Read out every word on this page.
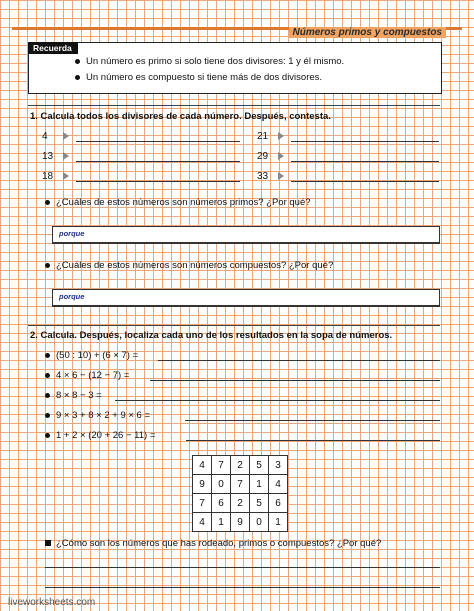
Números primos y compuestos
Recuerda
Un número es primo si solo tiene dos divisores: 1 y él mismo.
Un número es compuesto si tiene más de dos divisores.
1. Calcula todos los divisores de cada número. Después, contesta.
4
13
18
21
29
33
¿Cuáles de estos números son números primos? ¿Por qué?
porque
¿Cuáles de estos números son números compuestos? ¿Por qué?
porque
2. Calcula. Después, localiza cada uno de los resultados en la sopa de números.
(50 : 10) + (6 × 7) =
4 × 6 − (12 − 7) =
8 × 8 − 3 =
9 × 3 + 8 × 2 + 9 × 6 =
1 + 2 × (20 + 26 − 11) =
4	7	2	5	3
9	0	7	1	4
7	6	2	5	6
4	1	9	0	1
¿Cómo son los números que has rodeado, primos o compuestos? ¿Por qué?
liveworksheets.com
